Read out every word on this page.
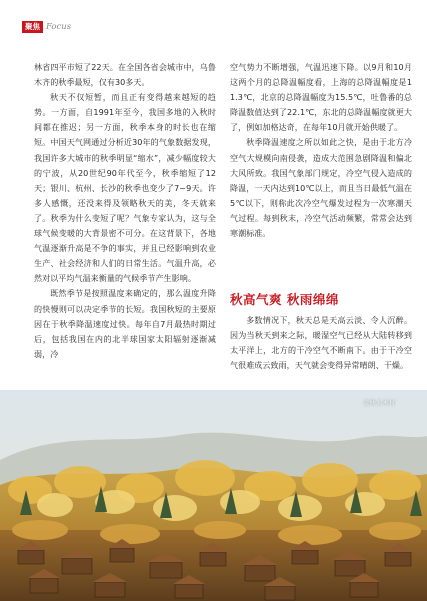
聚焦 Focus

林省四平市短了22天。在全国各省会城市中，乌鲁木齐的秋季最短，仅有30多天。

秋天不仅短暂，而且正有变得越来越短的趋势。一方面，自1991年至今，我国多地的入秋时间都在推迟；另一方面，秋季本身的时长也在缩短。中国天气网通过分析近30年的气象数据发现，我国许多大城市的秋季明显“缩水”，减少幅度较大的宁波，从20世纪90年代至今，秋季缩短了12天；银川、杭州、长沙的秋季也变少了7~9天。许多人感慨，还没来得及领略秋天的美，冬天就来了。秋季为什么变短了呢？气象专家认为，这与全球气候变暖的大背景密不可分。在这背景下，各地气温逐渐升高是不争的事实，并且已经影响到农业生产、社会经济和人们的日常生活。气温升高，必然对以平均气温来衡量的气候季节产生影响。

既然季节是按照温度来确定的，那么温度升降的快慢则可以决定季节的长短。我国秋短的主要原因在于秋季降温速度过快。每年自7月最热时期过后，包括我国在内的北半球国家太阳辐射逐渐减弱，冷

空气势力不断增强，气温迅速下降。以9月和10月这两个月的总降温幅度看，上海的总降温幅度是11.3℃，北京的总降温幅度为15.5℃，吐鲁番的总降温数值达到了22.1℃，东北的总降温幅度就更大了，例如加格达奇，在每年10月就开始供暖了。

秋季降温速度之所以如此之快，是由于北方冷空气大规模向南侵袭，造成大范围急剧降温和偏北大风所致。我国气象部门规定，冷空气侵入造成的降温，一天内达到10℃以上，而且当日最低气温在5℃以下，则称此次冷空气爆发过程为一次寒潮天气过程。每到秋末，冷空气活动频繁，常常会达到寒潮标准。

秋高气爽 秋雨绵绵

多数情况下，秋天总是天高云淡、令人沉醉。因为当秋天到来之际，暖湿空气已经从大陆转移到太平洋上，北方的干冷空气不断南下。由于干冷空气很难成云致雨，天气就会变得异常晴朗、干燥。

金秋禾木村
